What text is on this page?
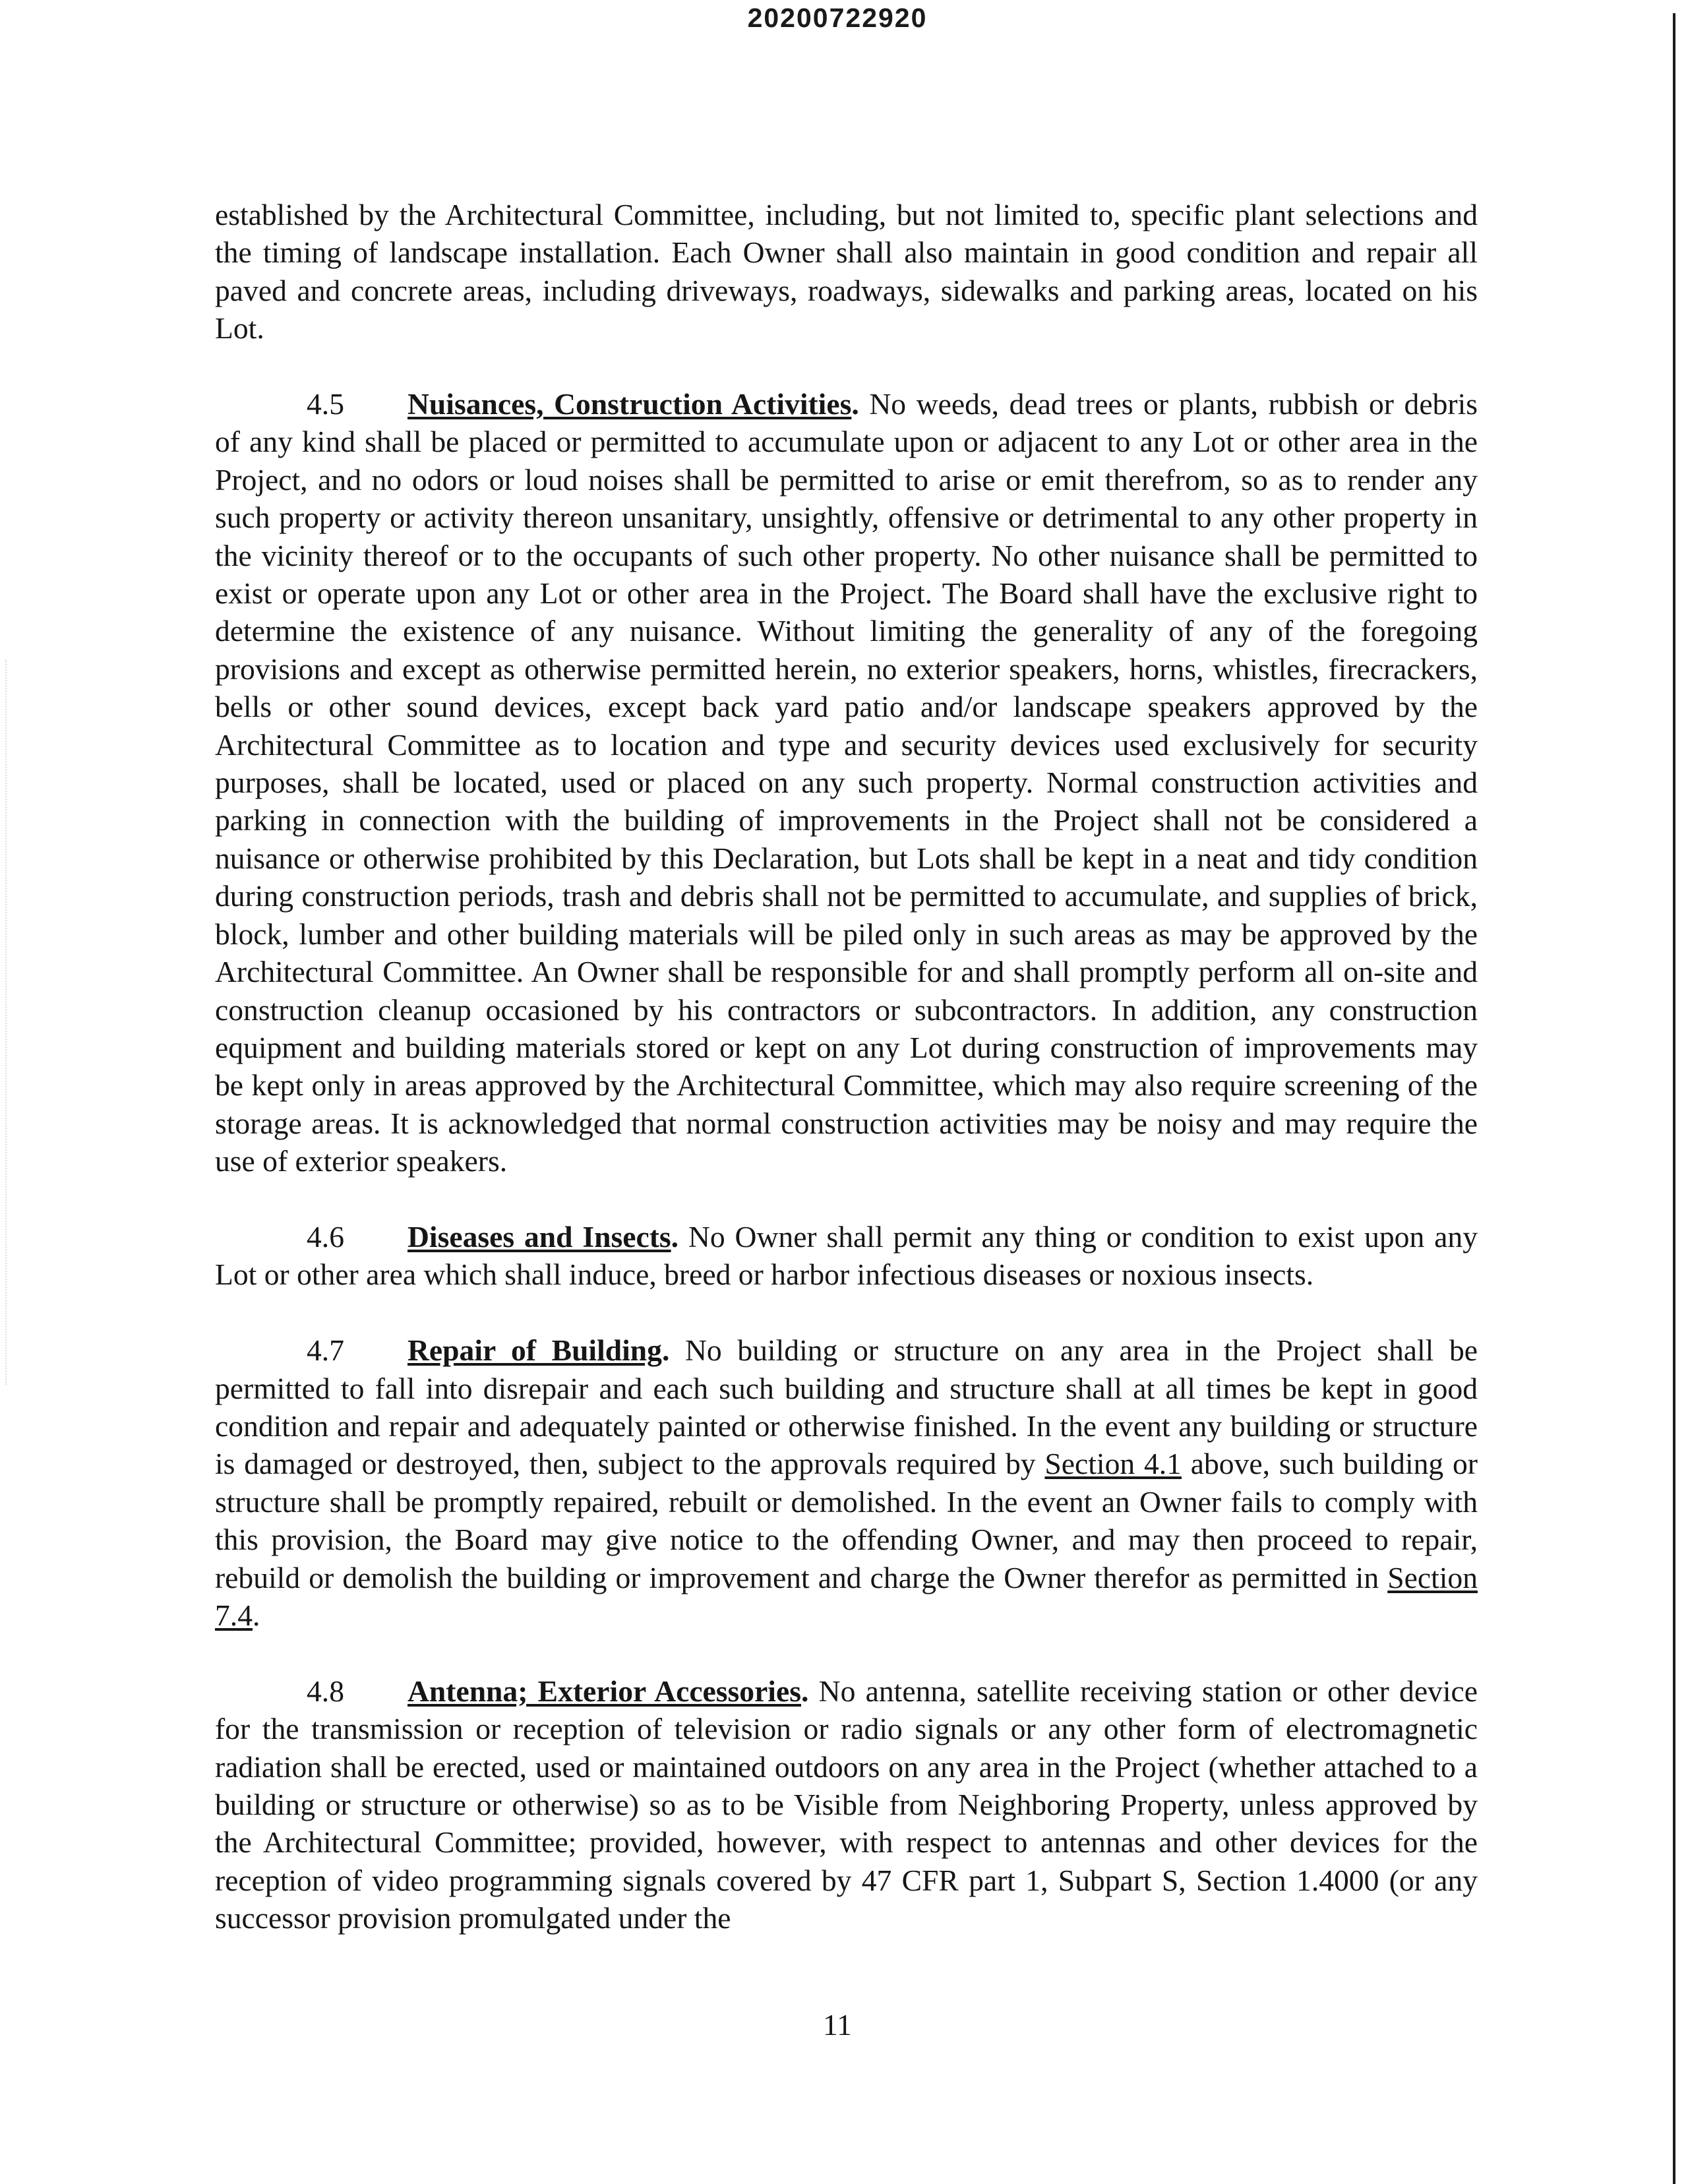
20200722920

established by the Architectural Committee, including, but not limited to, specific plant selections and the timing of landscape installation. Each Owner shall also maintain in good condition and repair all paved and concrete areas, including driveways, roadways, sidewalks and parking areas, located on his Lot.

4.5 Nuisances, Construction Activities. No weeds, dead trees or plants, rubbish or debris of any kind shall be placed or permitted to accumulate upon or adjacent to any Lot or other area in the Project, and no odors or loud noises shall be permitted to arise or emit therefrom, so as to render any such property or activity thereon unsanitary, unsightly, offensive or detrimental to any other property in the vicinity thereof or to the occupants of such other property. No other nuisance shall be permitted to exist or operate upon any Lot or other area in the Project. The Board shall have the exclusive right to determine the existence of any nuisance. Without limiting the generality of any of the foregoing provisions and except as otherwise permitted herein, no exterior speakers, horns, whistles, firecrackers, bells or other sound devices, except back yard patio and/or landscape speakers approved by the Architectural Committee as to location and type and security devices used exclusively for security purposes, shall be located, used or placed on any such property. Normal construction activities and parking in connection with the building of improvements in the Project shall not be considered a nuisance or otherwise prohibited by this Declaration, but Lots shall be kept in a neat and tidy condition during construction periods, trash and debris shall not be permitted to accumulate, and supplies of brick, block, lumber and other building materials will be piled only in such areas as may be approved by the Architectural Committee. An Owner shall be responsible for and shall promptly perform all on-site and construction cleanup occasioned by his contractors or subcontractors. In addition, any construction equipment and building materials stored or kept on any Lot during construction of improvements may be kept only in areas approved by the Architectural Committee, which may also require screening of the storage areas. It is acknowledged that normal construction activities may be noisy and may require the use of exterior speakers.

4.6 Diseases and Insects. No Owner shall permit any thing or condition to exist upon any Lot or other area which shall induce, breed or harbor infectious diseases or noxious insects.

4.7 Repair of Building. No building or structure on any area in the Project shall be permitted to fall into disrepair and each such building and structure shall at all times be kept in good condition and repair and adequately painted or otherwise finished. In the event any building or structure is damaged or destroyed, then, subject to the approvals required by Section 4.1 above, such building or structure shall be promptly repaired, rebuilt or demolished. In the event an Owner fails to comply with this provision, the Board may give notice to the offending Owner, and may then proceed to repair, rebuild or demolish the building or improvement and charge the Owner therefor as permitted in Section 7.4.

4.8 Antenna; Exterior Accessories. No antenna, satellite receiving station or other device for the transmission or reception of television or radio signals or any other form of electromagnetic radiation shall be erected, used or maintained outdoors on any area in the Project (whether attached to a building or structure or otherwise) so as to be Visible from Neighboring Property, unless approved by the Architectural Committee; provided, however, with respect to antennas and other devices for the reception of video programming signals covered by 47 CFR part 1, Subpart S, Section 1.4000 (or any successor provision promulgated under the

11
